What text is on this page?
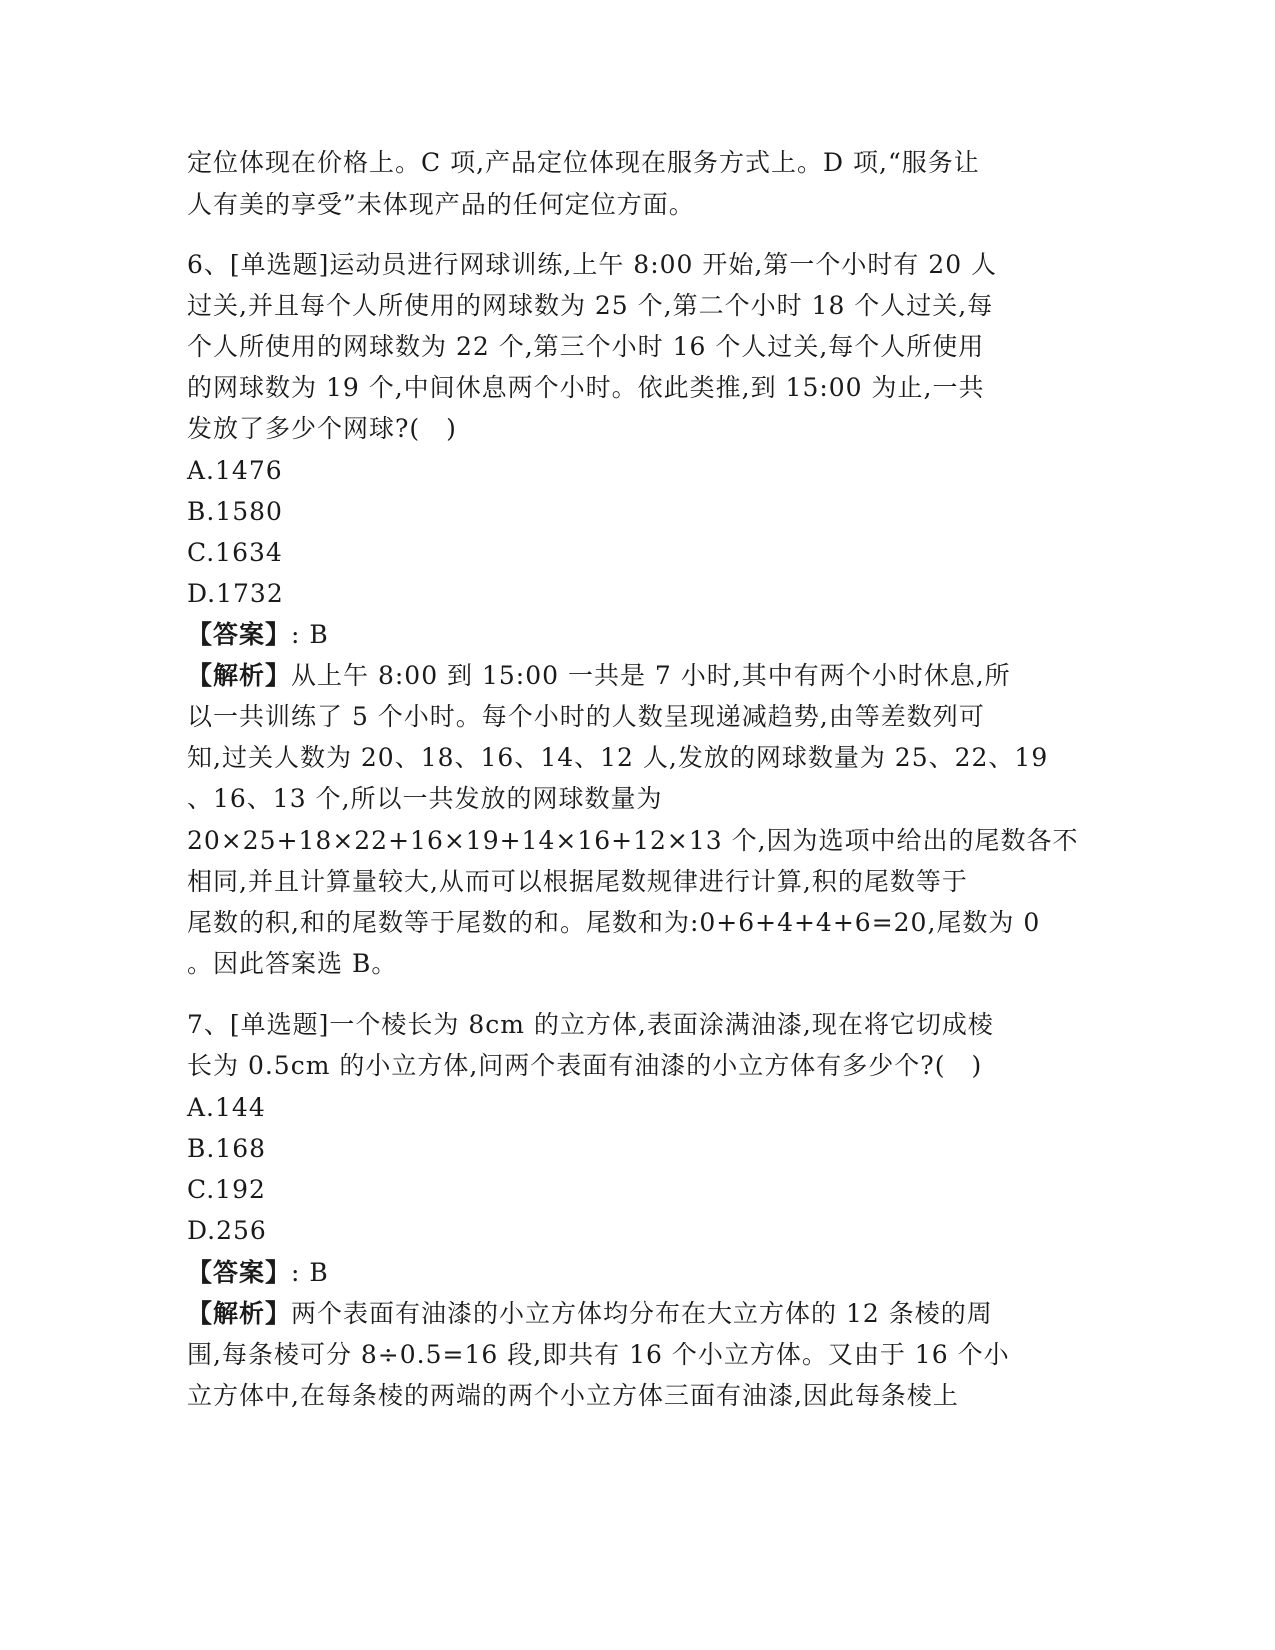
定位体现在价格上。C 项,产品定位体现在服务方式上。D 项,“服务让
人有美的享受”未体现产品的任何定位方面。
6、[单选题]运动员进行网球训练,上午 8:00 开始,第一个小时有 20 人
过关,并且每个人所使用的网球数为 25 个,第二个小时 18 个人过关,每
个人所使用的网球数为 22 个,第三个小时 16 个人过关,每个人所使用
的网球数为 19 个,中间休息两个小时。依此类推,到 15:00 为止,一共
发放了多少个网球?(　)
A.1476
B.1580
C.1634
D.1732
【答案】: B
【解析】从上午 8:00 到 15:00 一共是 7 小时,其中有两个小时休息,所
以一共训练了 5 个小时。每个小时的人数呈现递减趋势,由等差数列可
知,过关人数为 20、18、16、14、12 人,发放的网球数量为 25、22、19
、16、13 个,所以一共发放的网球数量为
20×25+18×22+16×19+14×16+12×13 个,因为选项中给出的尾数各不
相同,并且计算量较大,从而可以根据尾数规律进行计算,积的尾数等于
尾数的积,和的尾数等于尾数的和。尾数和为:0+6+4+4+6=20,尾数为 0
。因此答案选 B。
7、[单选题]一个棱长为 8cm 的立方体,表面涂满油漆,现在将它切成棱
长为 0.5cm 的小立方体,问两个表面有油漆的小立方体有多少个?(　)
A.144
B.168
C.192
D.256
【答案】: B
【解析】两个表面有油漆的小立方体均分布在大立方体的 12 条棱的周
围,每条棱可分 8÷0.5=16 段,即共有 16 个小立方体。又由于 16 个小
立方体中,在每条棱的两端的两个小立方体三面有油漆,因此每条棱上
